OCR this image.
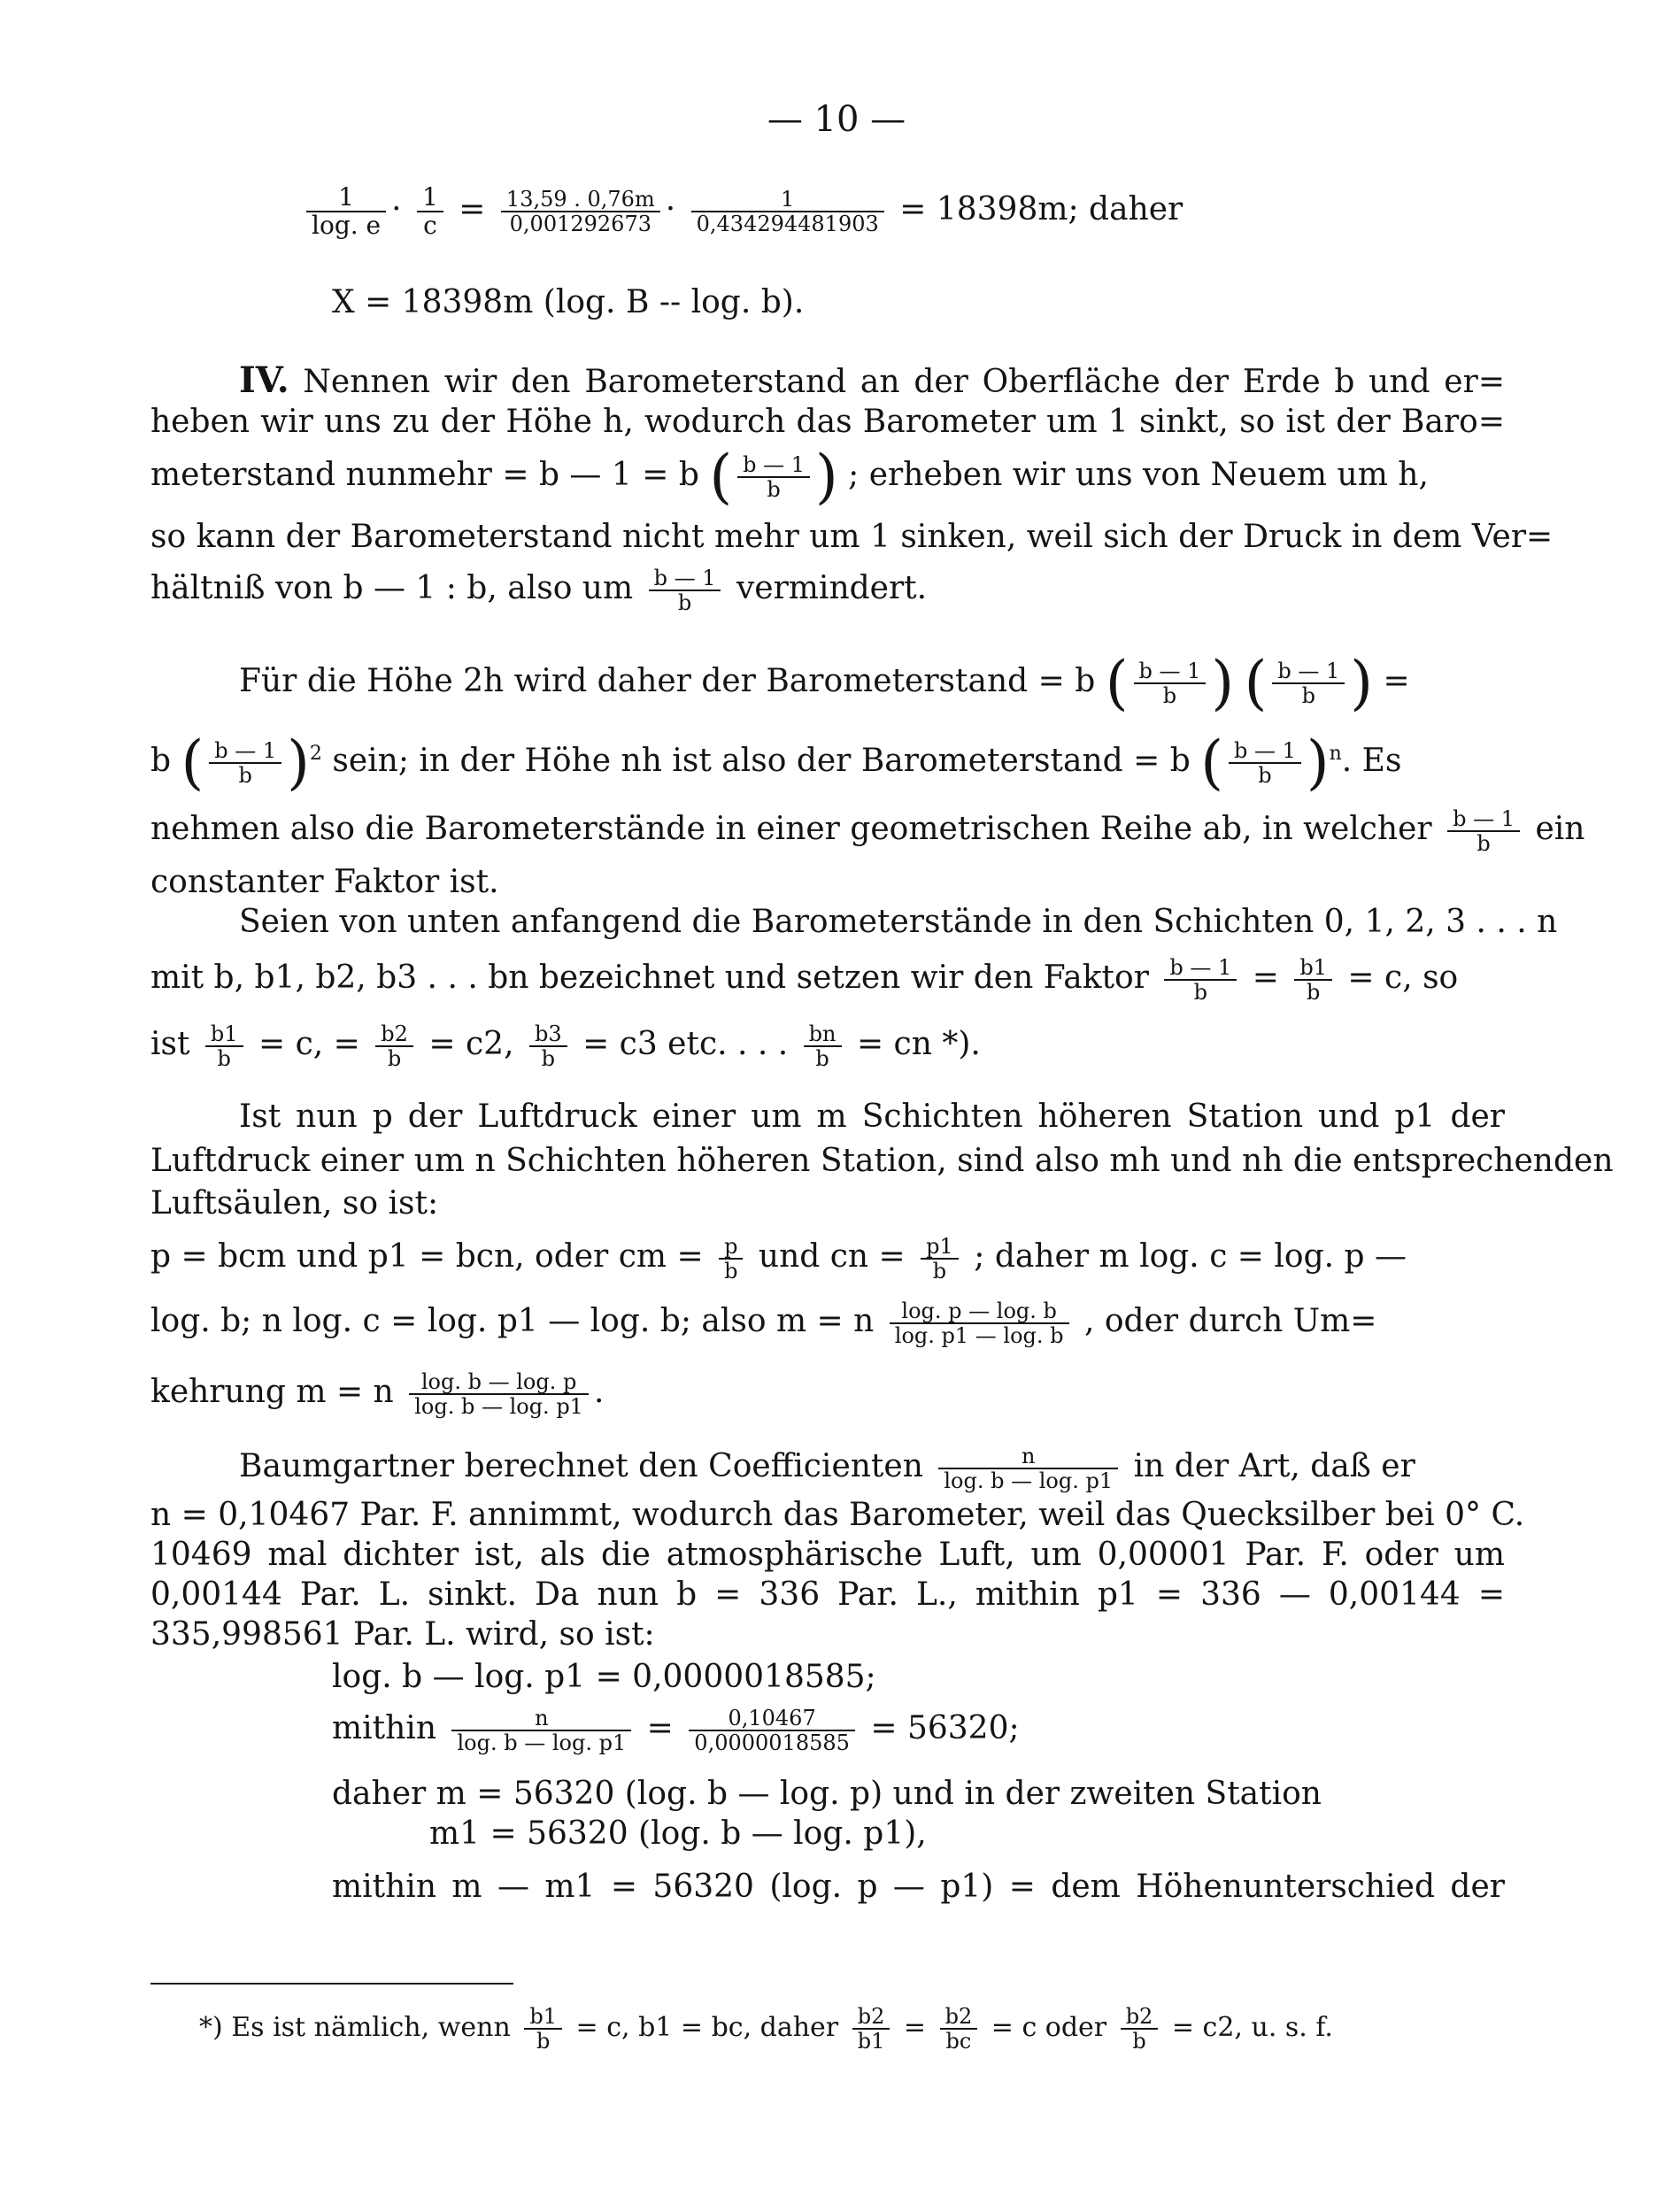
— 10 —
$\frac{1}{\log. e} \cdot \frac{1}{c} = \frac{13,59 . 0,76m}{0,001292673} \cdot \frac{1}{0,434294481903} = 18398m$; daher
X = 18398m (log. B -- log. b).
IV. Nennen wir den Barometerstand an der Oberfläche der Erde b und er=
heben wir uns zu der Höhe h, wodurch das Barometer um 1 sinkt, so ist der Baro=
meterstand nunmehr = b — 1 = b ( $\frac{b — 1}{b}$ ) ; erheben wir uns von Neuem um h,
so kann der Barometerstand nicht mehr um 1 sinken, weil sich der Druck in dem Ver=
hältniß von b — 1 : b, also um $\frac{b — 1}{b}$ vermindert.
Für die Höhe 2h wird daher der Barometerstand = b ( $\frac{b — 1}{b}$ ) ( $\frac{b — 1}{b}$ ) =
b ( $\frac{b — 1}{b} )^2$ sein; in der Höhe nh ist also der Barometerstand = b ( $\frac{b — 1}{b} )^n$. Es
nehmen also die Barometerstände in einer geometrischen Reihe ab, in welcher $\frac{b — 1}{b}$ ein
constanter Faktor ist.
Seien von unten anfangend die Barometerstände in den Schichten 0, 1, 2, 3 . . . n
mit b, b1, b2, b3 . . . bn bezeichnet und setzen wir den Faktor $\frac{b — 1}{b} = \frac{b1}{b} = c$, so
ist $\frac{b1}{b} = c$, = $\frac{b2}{b} = c2$, $\frac{b3}{b} = c3$ etc. . . . $\frac{bn}{b}$ = cn *).
Ist nun p der Luftdruck einer um m Schichten höheren Station und p1 der
Luftdruck einer um n Schichten höheren Station, sind also mh und nh die entsprechenden
Luftsäulen, so ist:
p = bcm und p1 = bcn, oder cm = $\frac{p}{b}$ und cn = $\frac{p1}{b}$ ; daher m log. c = log. p —
log. b; n log. c = log. p1 — log. b; also m = n $\frac{\log. p — \log. b}{\log. p1 — \log. b}$ , oder durch Um=
kehrung m = n $\frac{\log. b — \log. p}{\log. b — \log. p1}$ .
Baumgartner berechnet den Coefficienten $\frac{n}{\log. b — \log. p1}$ in der Art, daß er
n = 0,10467 Par. F. annimmt, wodurch das Barometer, weil das Quecksilber bei 0° C.
10469 mal dichter ist, als die atmosphärische Luft, um 0,00001 Par. F. oder um
0,00144 Par. L. sinkt. Da nun b = 336 Par. L., mithin p1 = 336 — 0,00144 =
335,998561 Par. L. wird, so ist:
log. b — log. p1 = 0,0000018585;
mithin $\frac{n}{\log. b — \log. p1} = \frac{0,10467}{0,0000018585} = 56320$;
daher m = 56320 (log. b — log. p) und in der zweiten Station
m1 = 56320 (log. b — log. p1),
mithin m — m1 = 56320 (log. p — p1) = dem Höhenunterschied der
*) Es ist nämlich, wenn $\frac{b1}{b} = c$, b1 = bc, daher $\frac{b2}{b1} = \frac{b2}{bc} = c$ oder $\frac{b2}{b} = c2$, u. s. f.
